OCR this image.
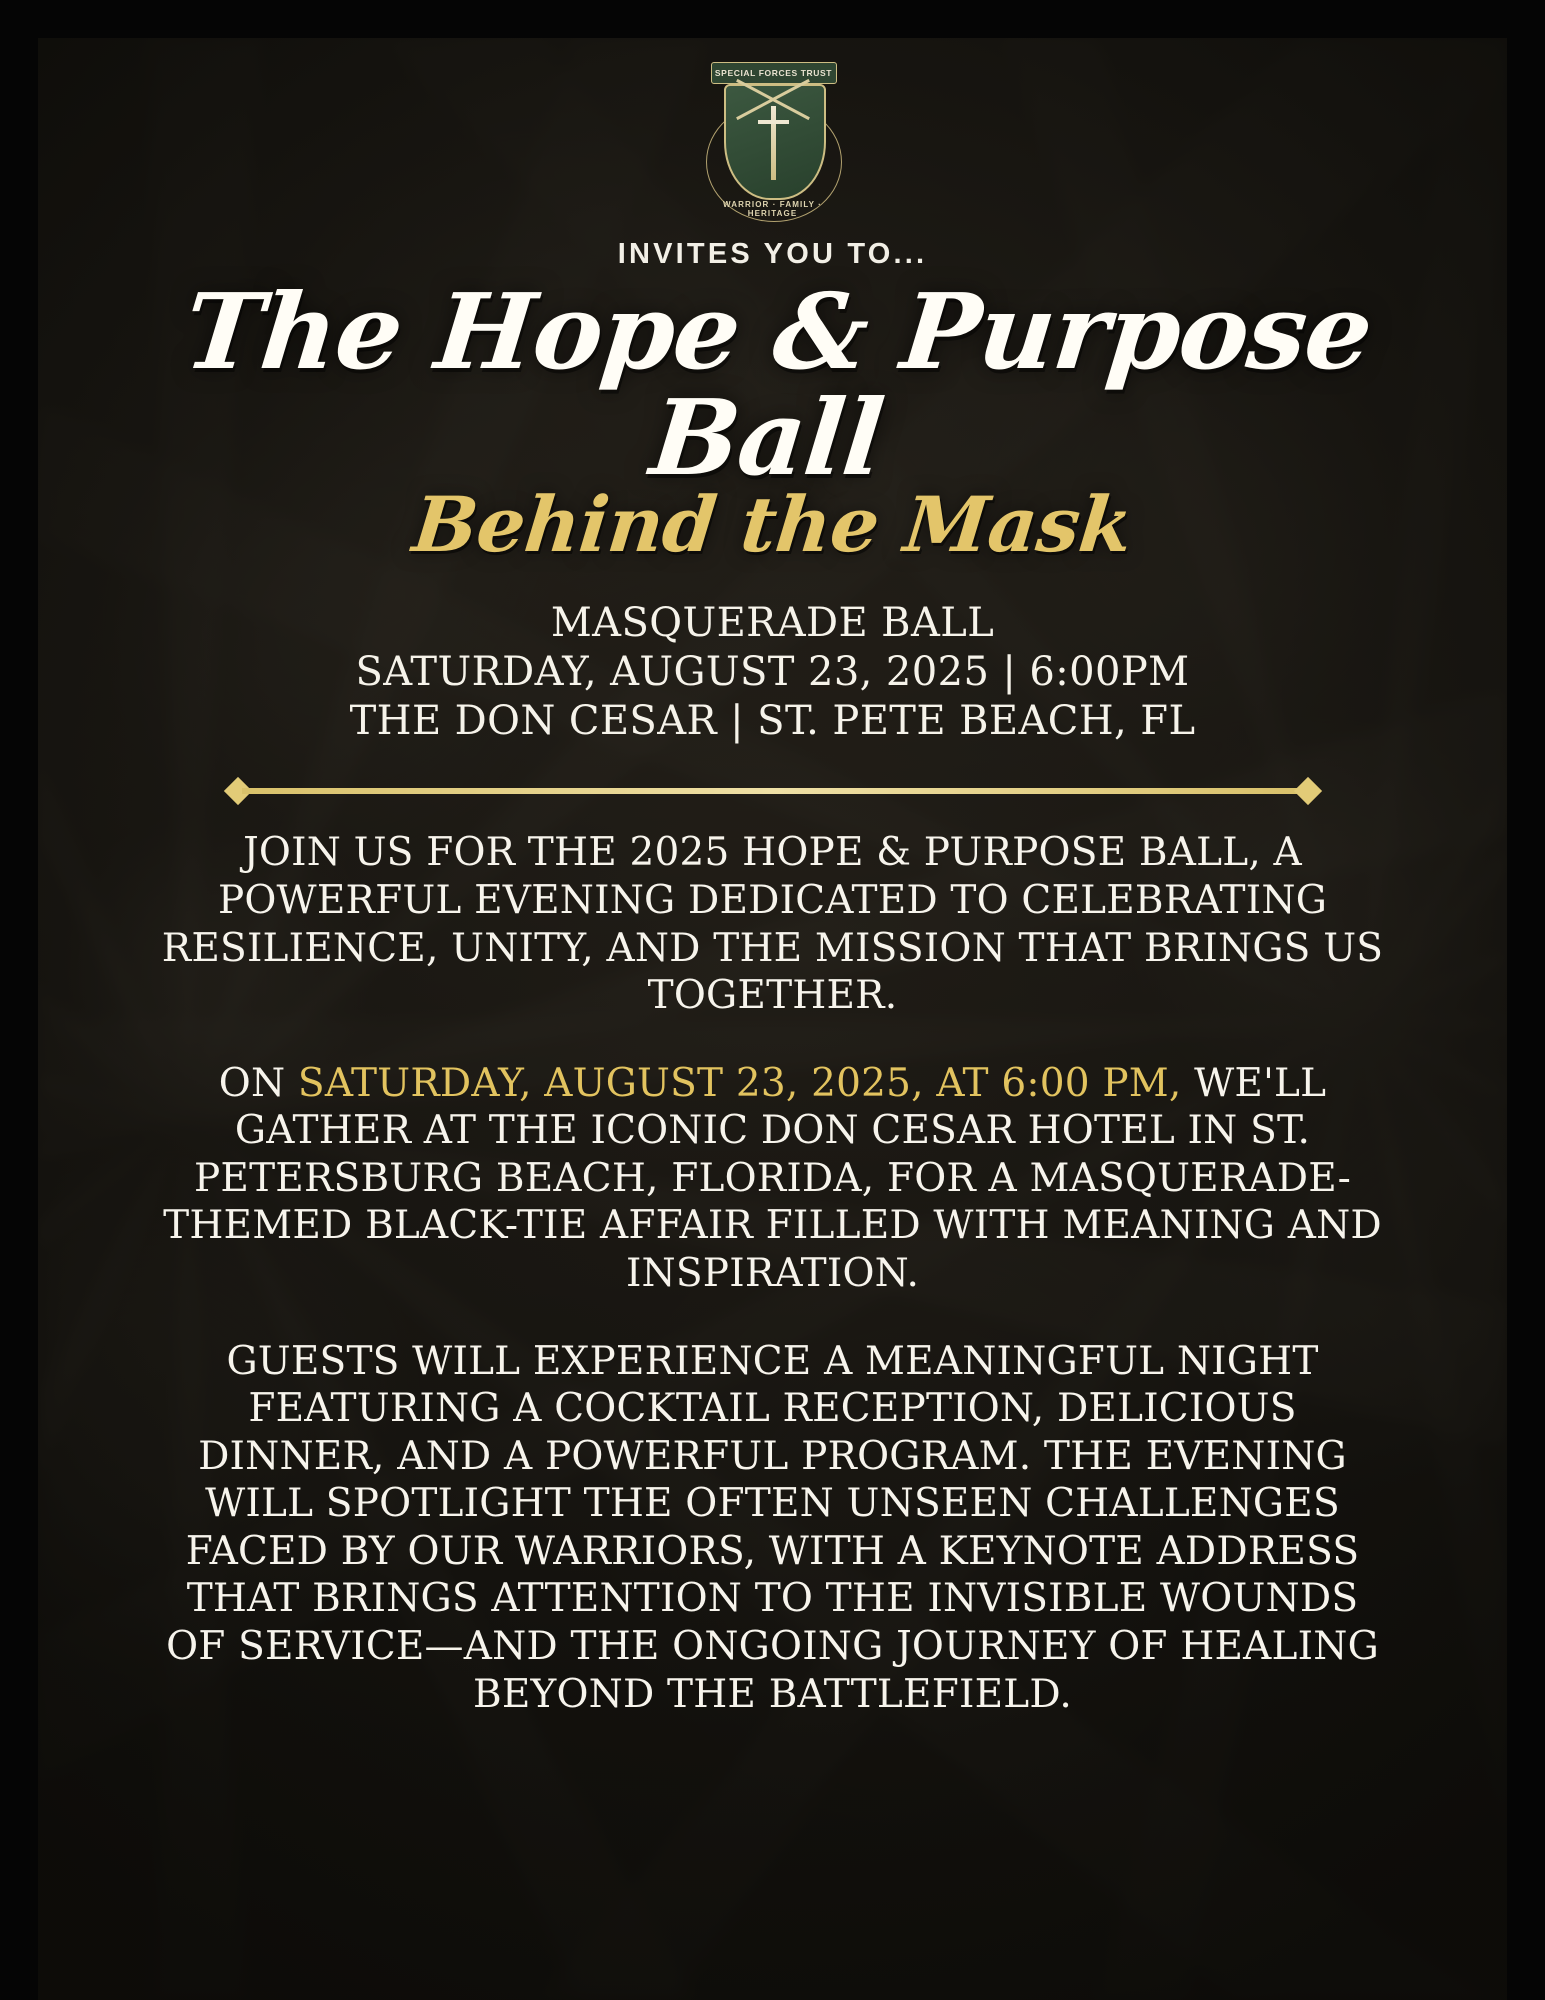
SPECIAL FORCES TRUST
WARRIOR · FAMILY · HERITAGE
INVITES YOU TO...
The Hope & Purpose Ball
Behind the Mask
MASQUERADE BALL
SATURDAY, AUGUST 23, 2025 | 6:00PM
THE DON CESAR | ST. PETE BEACH, FL
JOIN US FOR THE 2025 HOPE & PURPOSE BALL, A POWERFUL EVENING DEDICATED TO CELEBRATING RESILIENCE, UNITY, AND THE MISSION THAT BRINGS US TOGETHER.
ON SATURDAY, AUGUST 23, 2025, AT 6:00 PM, WE'LL GATHER AT THE ICONIC DON CESAR HOTEL IN ST. PETERSBURG BEACH, FLORIDA, FOR A MASQUERADE-THEMED BLACK-TIE AFFAIR FILLED WITH MEANING AND INSPIRATION.
GUESTS WILL EXPERIENCE A MEANINGFUL NIGHT FEATURING A COCKTAIL RECEPTION, DELICIOUS DINNER, AND A POWERFUL PROGRAM. THE EVENING WILL SPOTLIGHT THE OFTEN UNSEEN CHALLENGES FACED BY OUR WARRIORS, WITH A KEYNOTE ADDRESS THAT BRINGS ATTENTION TO THE INVISIBLE WOUNDS OF SERVICE—AND THE ONGOING JOURNEY OF HEALING BEYOND THE BATTLEFIELD.
